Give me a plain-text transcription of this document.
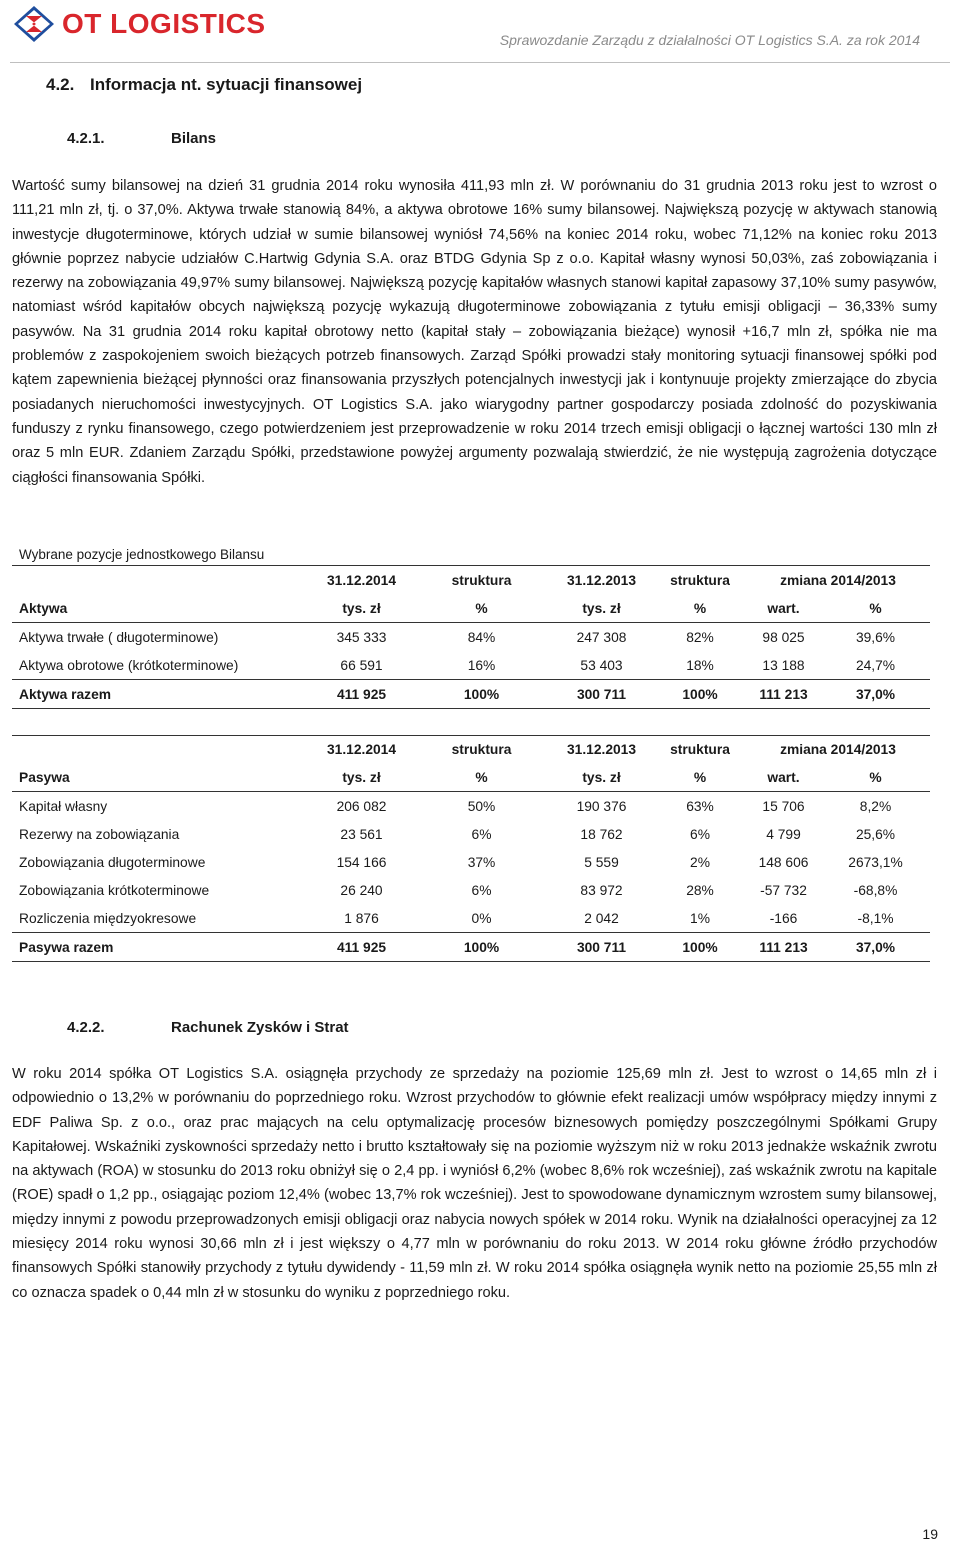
OT LOGISTICS
Sprawozdanie Zarządu z działalności OT Logistics S.A. za rok 2014
4.2. Informacja nt. sytuacji finansowej
4.2.1.	Bilans

Wartość sumy bilansowej na dzień 31 grudnia 2014 roku wynosiła 411,93 mln zł. W porównaniu do 31 grudnia 2013 roku jest to wzrost o 111,21 mln zł, tj. o 37,0%. Aktywa trwałe stanowią 84%, a aktywa obrotowe 16% sumy bilansowej. Największą pozycję w aktywach stanowią inwestycje długoterminowe, których udział w sumie bilansowej wyniósł 74,56% na koniec 2014 roku, wobec 71,12% na koniec roku 2013 głównie poprzez nabycie udziałów C.Hartwig Gdynia S.A. oraz BTDG Gdynia Sp z o.o. Kapitał własny wynosi 50,03%, zaś zobowiązania i rezerwy na zobowiązania 49,97% sumy bilansowej. Największą pozycję kapitałów własnych stanowi kapitał zapasowy 37,10% sumy pasywów, natomiast wśród kapitałów obcych największą pozycję wykazują długoterminowe zobowiązania z tytułu emisji obligacji – 36,33% sumy pasywów. Na 31 grudnia 2014 roku kapitał obrotowy netto (kapitał stały – zobowiązania bieżące) wynosił +16,7 mln zł, spółka nie ma problemów z zaspokojeniem swoich bieżących potrzeb finansowych. Zarząd Spółki prowadzi stały monitoring sytuacji finansowej spółki pod kątem zapewnienia bieżącej płynności oraz finansowania przyszłych potencjalnych inwestycji jak i kontynuuje projekty zmierzające do zbycia posiadanych nieruchomości inwestycyjnych. OT Logistics S.A. jako wiarygodny partner gospodarczy posiada zdolność do pozyskiwania funduszy z rynku finansowego, czego potwierdzeniem jest przeprowadzenie w roku 2014 trzech emisji obligacji o łącznej wartości 130 mln zł oraz 5 mln EUR. Zdaniem Zarządu Spółki, przedstawione powyżej argumenty pozwalają stwierdzić, że nie występują zagrożenia dotyczące ciągłości finansowania Spółki.

Wybrane pozycje jednostkowego Bilansu
	31.12.2014	struktura	31.12.2013	struktura	zmiana 2014/2013	
Aktywa	tys. zł	%	tys. zł	%	wart.	%
Aktywa trwałe ( długoterminowe)	345 333	84%	247 308	82%	98 025	39,6%
Aktywa obrotowe (krótkoterminowe)	66 591	16%	53 403	18%	13 188	24,7%
Aktywa razem	411 925	100%	300 711	100%	111 213	37,0%
	31.12.2014	struktura	31.12.2013	struktura	zmiana 2014/2013	
Pasywa	tys. zł	%	tys. zł	%	wart.	%
Kapitał własny	206 082	50%	190 376	63%	15 706	8,2%
Rezerwy na zobowiązania	23 561	6%	18 762	6%	4 799	25,6%
Zobowiązania długoterminowe	154 166	37%	5 559	2%	148 606	2673,1%
Zobowiązania krótkoterminowe	26 240	6%	83 972	28%	-57 732	-68,8%
Rozliczenia międzyokresowe	1 876	0%	2 042	1%	-166	-8,1%
Pasywa razem	411 925	100%	300 711	100%	111 213	37,0%
4.2.2.	Rachunek Zysków i Strat

W roku 2014 spółka OT Logistics S.A. osiągnęła przychody ze sprzedaży na poziomie 125,69 mln zł. Jest to wzrost o 14,65 mln zł i odpowiednio o 13,2% w porównaniu do poprzedniego roku. Wzrost przychodów to głównie efekt realizacji umów współpracy między innymi z EDF Paliwa Sp. z o.o., oraz prac mających na celu optymalizację procesów biznesowych pomiędzy poszczególnymi Spółkami Grupy Kapitałowej. Wskaźniki zyskowności sprzedaży netto i brutto kształtowały się na poziomie wyższym niż w roku 2013 jednakże wskaźnik zwrotu na aktywach (ROA) w stosunku do 2013 roku obniżył się o 2,4 pp. i wyniósł 6,2% (wobec 8,6% rok wcześniej), zaś wskaźnik zwrotu na kapitale (ROE) spadł o 1,2 pp., osiągając poziom 12,4% (wobec 13,7% rok wcześniej). Jest to spowodowane dynamicznym wzrostem sumy bilansowej, między innymi z powodu przeprowadzonych emisji obligacji oraz nabycia nowych spółek w 2014 roku. Wynik na działalności operacyjnej za 12 miesięcy 2014 roku wynosi 30,66 mln zł i jest większy o 4,77 mln w porównaniu do roku 2013. W 2014 roku główne źródło przychodów finansowych Spółki stanowiły przychody z tytułu dywidendy - 11,59 mln zł. W roku 2014 spółka osiągnęła wynik netto na poziomie 25,55 mln zł co oznacza spadek o 0,44 mln zł w stosunku do wyniku z poprzedniego roku.

19
